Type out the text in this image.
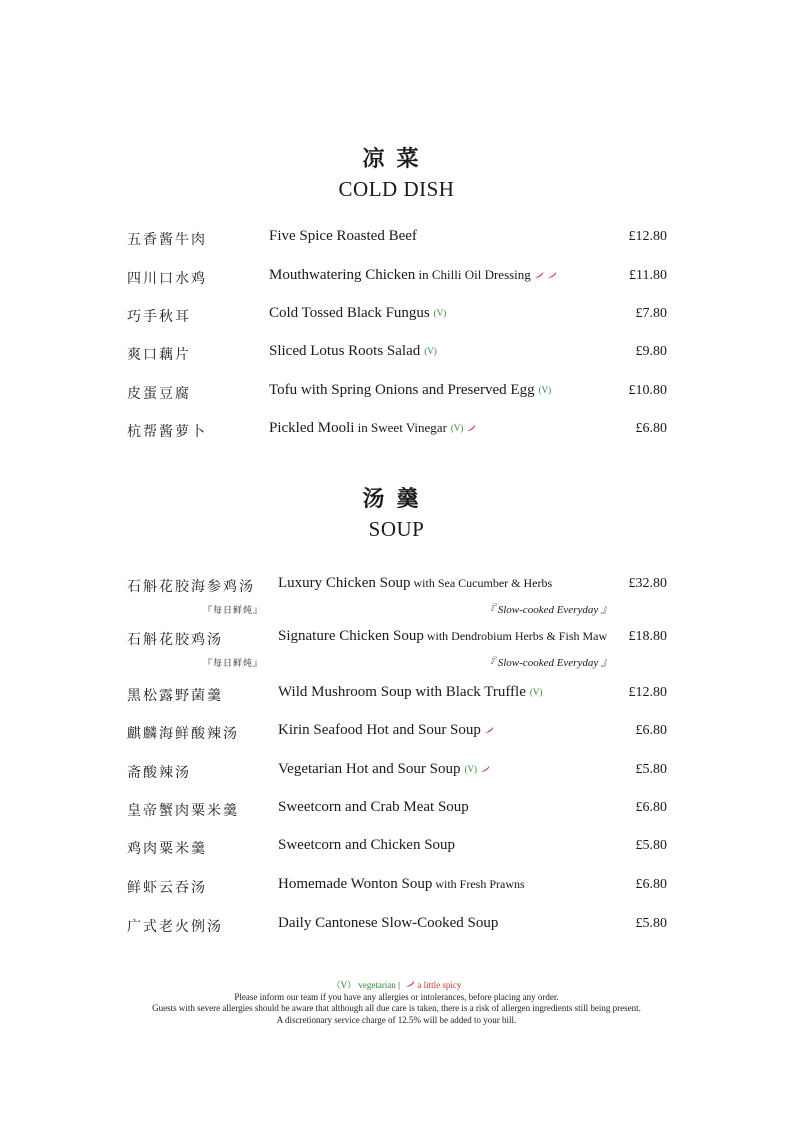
凉菜
COLD DISH
五香酱牛肉	Five Spice Roasted Beef	£12.80
四川口水鸡	Mouthwatering Chicken in Chilli Oil Dressing	£11.80
巧手秋耳	Cold Tossed Black Fungus (V)	£7.80
爽口藕片	Sliced Lotus Roots Salad (V)	£9.80
皮蛋豆腐	Tofu with Spring Onions and Preserved Egg (V)	£10.80
杭帮酱萝卜	Pickled Mooli in Sweet Vinegar (V)	£6.80
汤羹
SOUP
石斛花胶海参鸡汤 Luxury Chicken Soup with Sea Cucumber & Herbs	£32.80
『每日鲜炖』	『 Slow-cooked Everyday 』
石斛花胶鸡汤	Signature Chicken Soup with Dendrobium Herbs & Fish Maw	£18.80
『每日鲜炖』	『 Slow-cooked Everyday 』
黑松露野菌羹	Wild Mushroom Soup with Black Truffle (V)	£12.80
麒麟海鲜酸辣汤	Kirin Seafood Hot and Sour Soup	£6.80
斋酸辣汤	Vegetarian Hot and Sour Soup (V)	£5.80
皇帝蟹肉粟米羹	Sweetcorn and Crab Meat Soup	£6.80
鸡肉粟米羹	Sweetcorn and Chicken Soup	£5.80
鲜虾云吞汤	Homemade Wonton Soup with Fresh Prawns	£6.80
广式老火例汤	Daily Cantonese Slow-Cooked Soup	£5.80
（V） vegetarian |  a little spicy
Please inform our team if you have any allergies or intolerances, before placing any order.
Guests with severe allergies should be aware that although all due care is taken, there is a risk of allergen ingredients still being present.
A discretionary service charge of 12.5% will be added to your bill.
